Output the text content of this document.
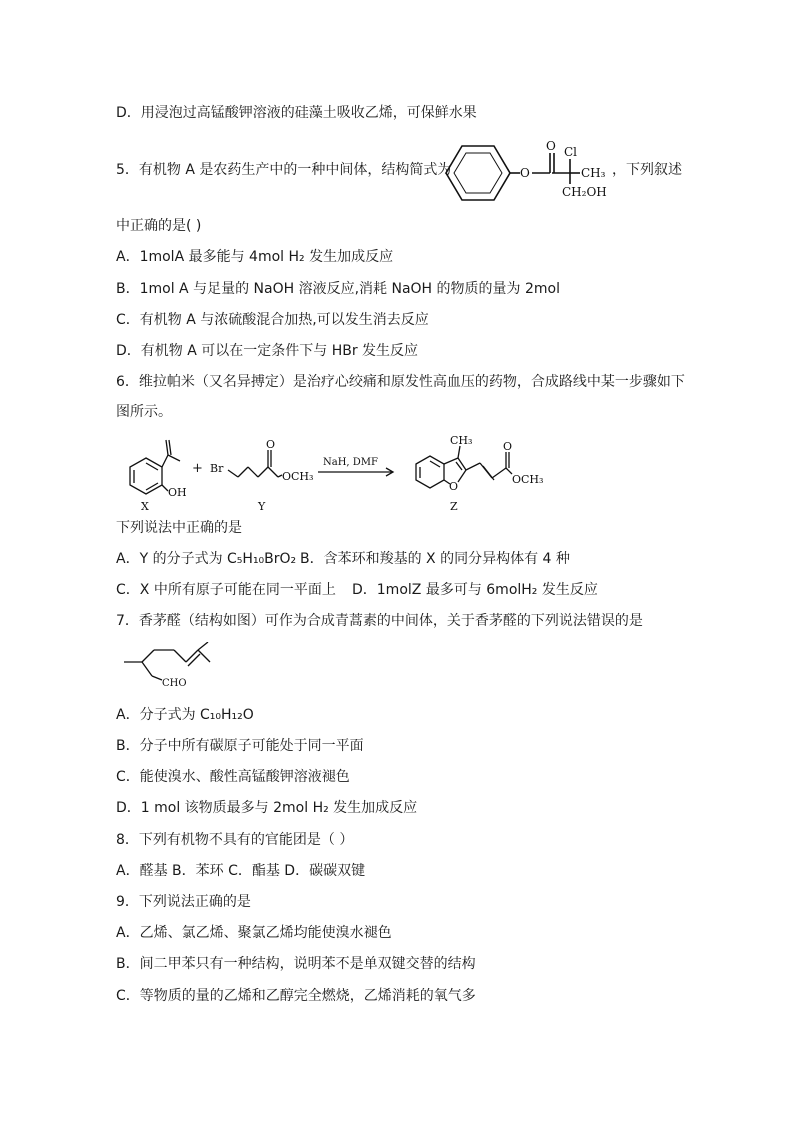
D．用浸泡过高锰酸钾溶液的硅藻土吸收乙烯，可保鲜水果
5．有机物 A 是农药生产中的一种中间体，结构简式为	，下列叙述
O
O Cl
CH₃
CH₂OH
中正确的是( )
A．1molA 最多能与 4mol H₂ 发生加成反应
B．1mol A 与足量的 NaOH 溶液反应,消耗 NaOH 的物质的量为 2mol
C．有机物 A 与浓硫酸混合加热,可以发生消去反应
D．有机物 A 可以在一定条件下与 HBr 发生反应
6．维拉帕米（又名异搏定）是治疗心绞痛和原发性高血压的药物，合成路线中某一步骤如下
图所示。
OH
X
+ Br
O
OCH₃
Y
NaH, DMF
CH₃
O
O
OCH₃
Z
下列说法中正确的是
A．Y 的分子式为 C₅H₁₀BrO₂ B．含苯环和羧基的 X 的同分异构体有 4 种
C．X 中所有原子可能在同一平面上 D．1molZ 最多可与 6molH₂ 发生反应
7．香茅醛（结构如图）可作为合成青蒿素的中间体，关于香茅醛的下列说法错误的是
CHO
A．分子式为 C₁₀H₁₂O
B．分子中所有碳原子可能处于同一平面
C．能使溴水、酸性高锰酸钾溶液褪色
D．1 mol 该物质最多与 2mol H₂ 发生加成反应
8．下列有机物不具有的官能团是（ ）
A．醛基 B．苯环 C．酯基 D．碳碳双键
9．下列说法正确的是
A．乙烯、氯乙烯、聚氯乙烯均能使溴水褪色
B．间二甲苯只有一种结构，说明苯不是单双键交替的结构
C．等物质的量的乙烯和乙醇完全燃烧，乙烯消耗的氧气多
